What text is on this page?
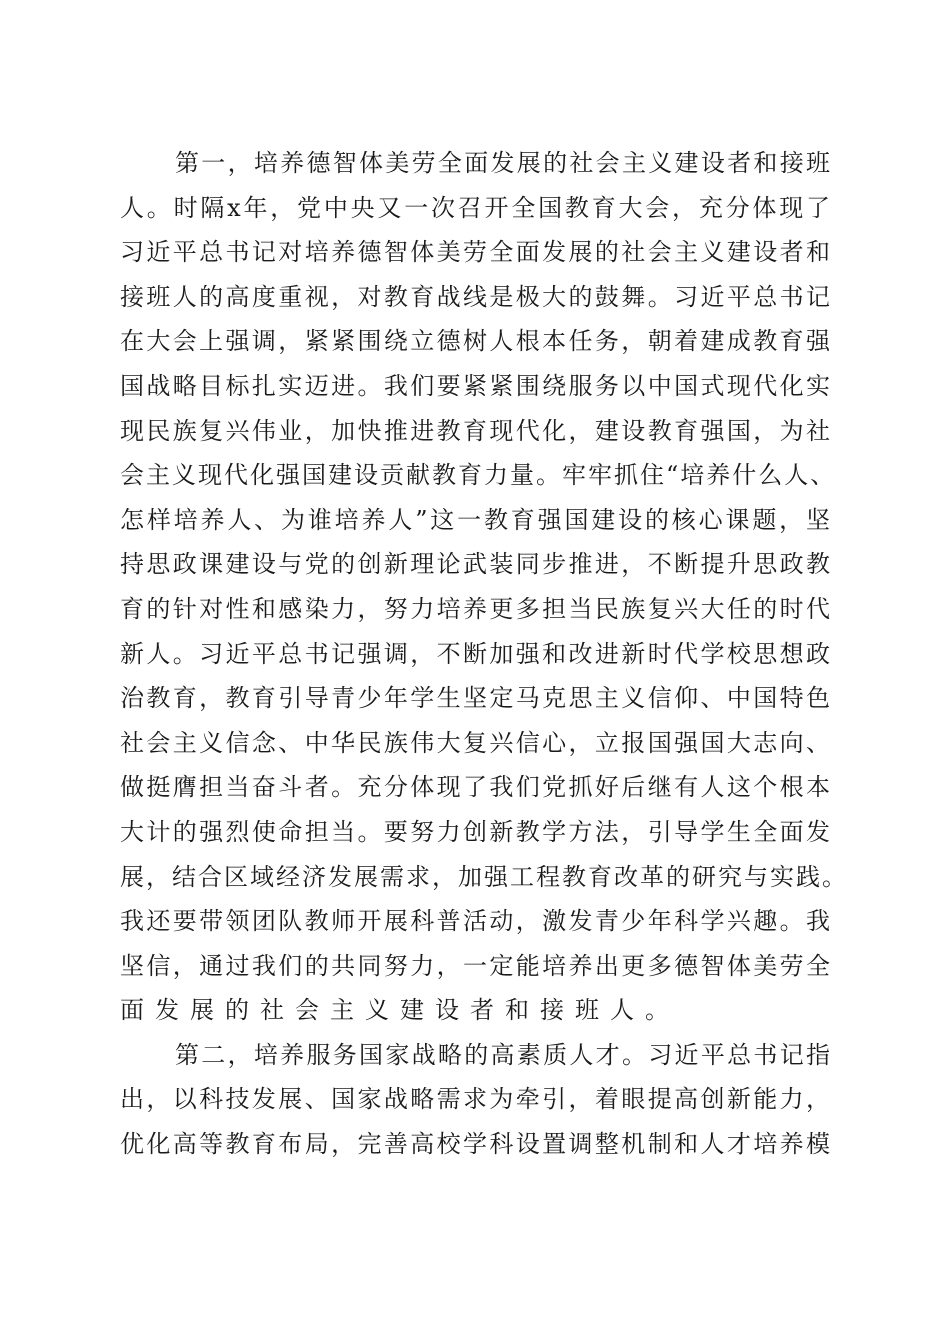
第一，培养德智体美劳全面发展的社会主义建设者和接班
人。时隔x年，党中央又一次召开全国教育大会，充分体现了
习近平总书记对培养德智体美劳全面发展的社会主义建设者和
接班人的高度重视，对教育战线是极大的鼓舞。习近平总书记
在大会上强调，紧紧围绕立德树人根本任务，朝着建成教育强
国战略目标扎实迈进。我们要紧紧围绕服务以中国式现代化实
现民族复兴伟业，加快推进教育现代化，建设教育强国，为社
会主义现代化强国建设贡献教育力量。牢牢抓住“培养什么人、
怎样培养人、为谁培养人”这一教育强国建设的核心课题，坚
持思政课建设与党的创新理论武装同步推进，不断提升思政教
育的针对性和感染力，努力培养更多担当民族复兴大任的时代
新人。习近平总书记强调，不断加强和改进新时代学校思想政
治教育，教育引导青少年学生坚定马克思主义信仰、中国特色
社会主义信念、中华民族伟大复兴信心，立报国强国大志向、
做挺膺担当奋斗者。充分体现了我们党抓好后继有人这个根本
大计的强烈使命担当。要努力创新教学方法，引导学生全面发
展，结合区域经济发展需求，加强工程教育改革的研究与实践。
我还要带领团队教师开展科普活动，激发青少年科学兴趣。我
坚信，通过我们的共同努力，一定能培养出更多德智体美劳全
面发展的社会主义建设者和接班人。
第二，培养服务国家战略的高素质人才。习近平总书记指
出，以科技发展、国家战略需求为牵引，着眼提高创新能力，
优化高等教育布局，完善高校学科设置调整机制和人才培养模
